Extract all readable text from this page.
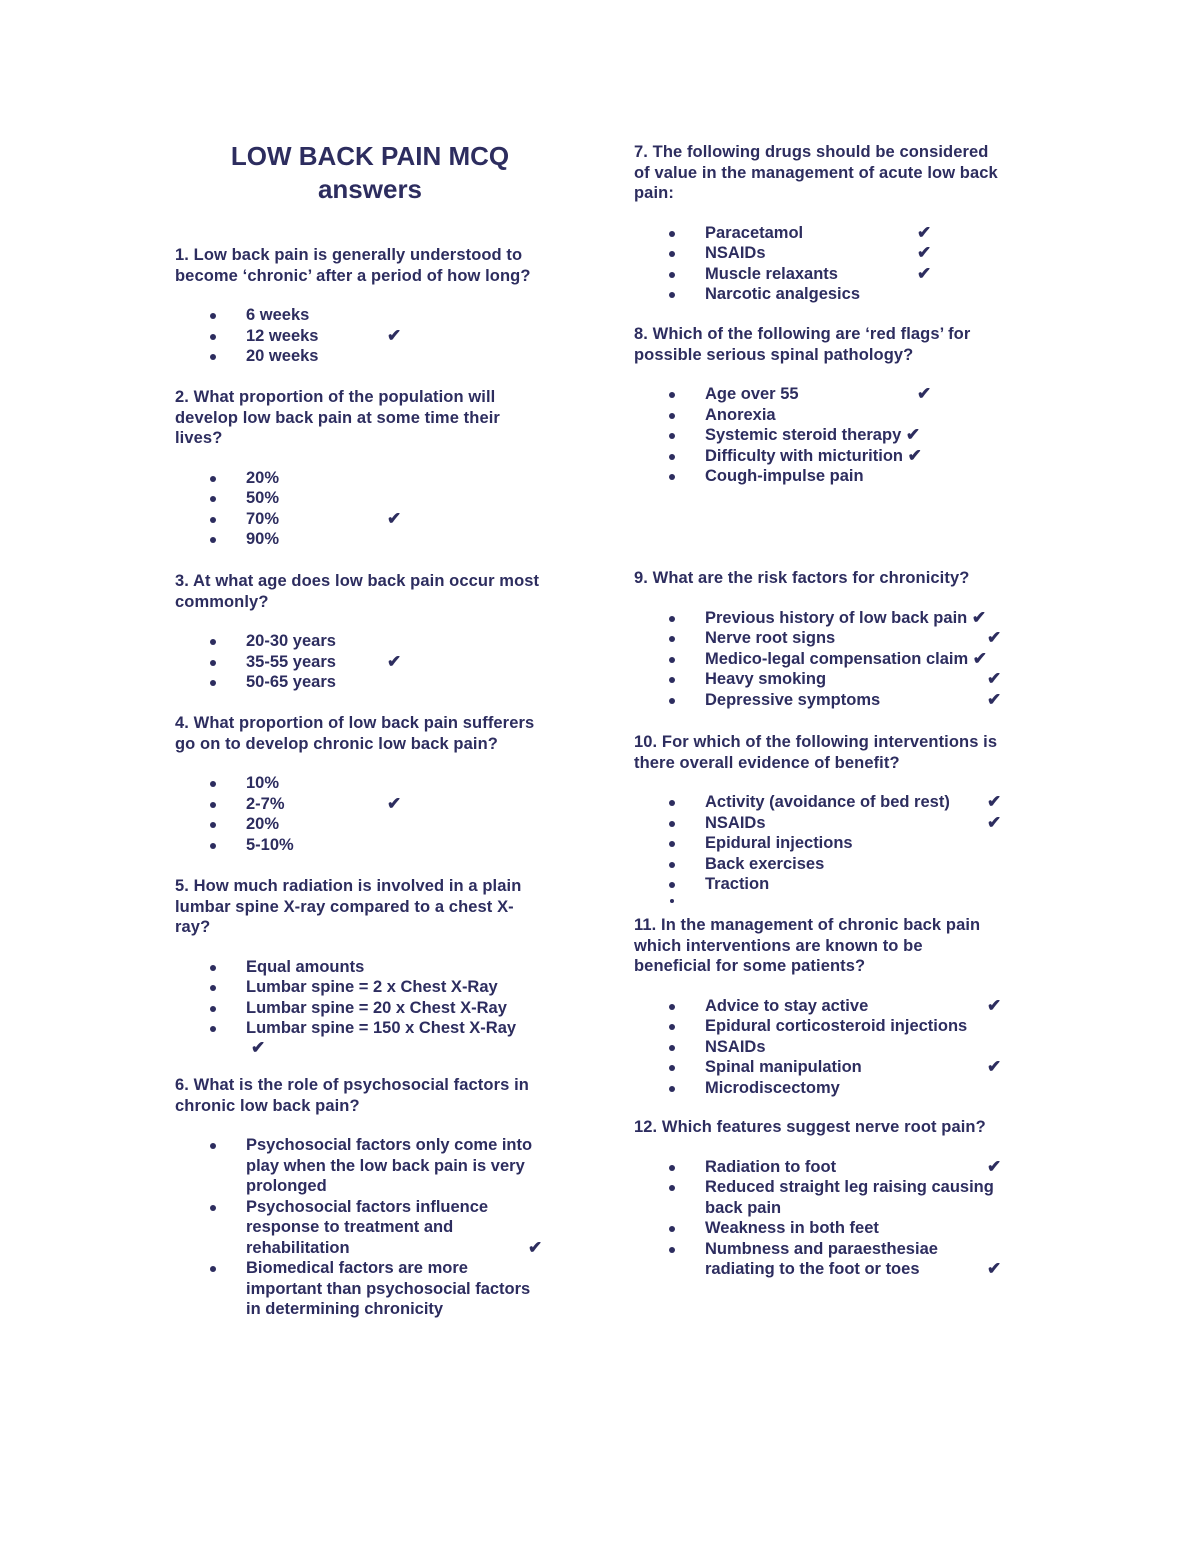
LOW BACK PAIN MCQ
answers
1. Low back pain is generally understood to
become ‘chronic’ after a period of how long?
6 weeks
12 weeks	✔
20 weeks
2. What proportion of the population will
develop low back pain at some time their
lives?
20%
50%
70%	✔
90%
3. At what age does low back pain occur most
commonly?
20-30 years
35-55 years	✔
50-65 years
4. What proportion of low back pain sufferers
go on to develop chronic low back pain?
10%
2-7%	✔
20%
5-10%
5. How much radiation is involved in a plain
lumbar spine X-ray compared to a chest X-
ray?
Equal amounts
Lumbar spine = 2 x Chest X-Ray
Lumbar spine = 20 x Chest X-Ray
Lumbar spine = 150 x Chest X-Ray
✔
6. What is the role of psychosocial factors in
chronic low back pain?
Psychosocial factors only come into
play when the low back pain is very
prolonged
Psychosocial factors influence
response to treatment and
rehabilitation	✔
Biomedical factors are more
important than psychosocial factors
in determining chronicity
7. The following drugs should be considered
of value in the management of acute low back
pain:
Paracetamol	✔
NSAIDs	✔
Muscle relaxants	✔
Narcotic analgesics
8. Which of the following are ‘red flags’ for
possible serious spinal pathology?
Age over 55	✔
Anorexia
Systemic steroid therapy ✔
Difficulty with micturition ✔
Cough-impulse pain
9. What are the risk factors for chronicity?
Previous history of low back pain ✔
Nerve root signs	✔
Medico-legal compensation claim ✔
Heavy smoking	✔
Depressive symptoms	✔
10. For which of the following interventions is
there overall evidence of benefit?
Activity (avoidance of bed rest) ✔
NSAIDs	✔
Epidural injections
Back exercises
Traction
11. In the management of chronic back pain
which interventions are known to be
beneficial for some patients?
Advice to stay active	✔
Epidural corticosteroid injections
NSAIDs
Spinal manipulation	✔
Microdiscectomy
12. Which features suggest nerve root pain?
Radiation to foot	✔
Reduced straight leg raising causing
back pain
Weakness in both feet
Numbness and paraesthesiae
radiating to the foot or toes	✔
